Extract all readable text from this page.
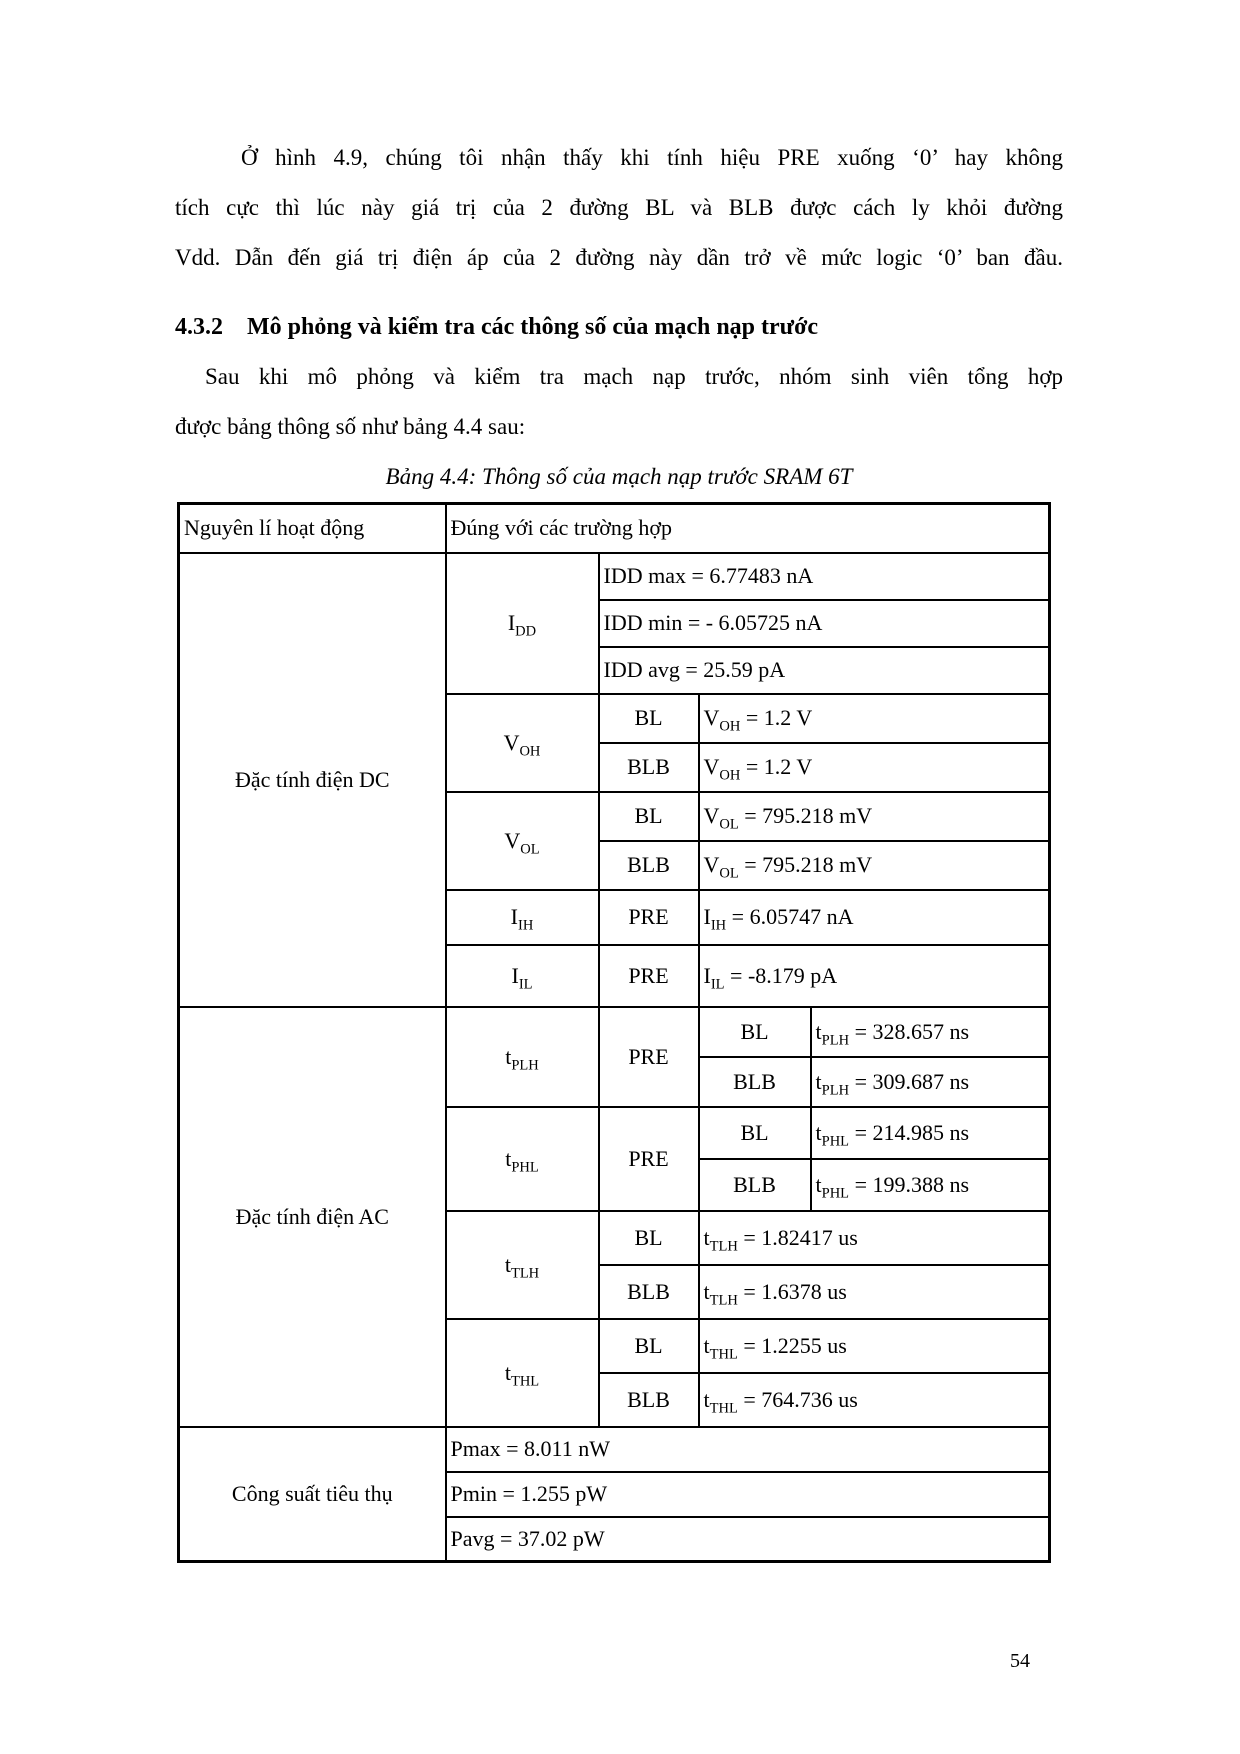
Ở hình 4.9, chúng tôi nhận thấy khi tính hiệu PRE xuống ‘0’ hay không
tích cực thì lúc này giá trị của 2 đường BL và BLB được cách ly khỏi đường
Vdd. Dẫn đến giá trị điện áp của 2 đường này dần trở về mức logic ‘0’ ban đầu.
4.3.2 Mô phỏng và kiểm tra các thông số của mạch nạp trước
Sau khi mô phỏng và kiểm tra mạch nạp trước, nhóm sinh viên tổng hợp
được bảng thông số như bảng 4.4 sau:
Bảng 4.4: Thông số của mạch nạp trước SRAM 6T
Nguyên lí hoạt động	Đúng với các trường hợp			
Đặc tính điện DC	$I_{DD}$	IDD max = 6.77483 nA		
		IDD min = - 6.05725 nA		
		IDD avg = 25.59 pA		
	$V_{OH}$	BL	$V_{OH} = 1.2$ V	
		BLB	$V_{OH} = 1.2$ V	
	$V_{OL}$	BL	$V_{OL} = 795.218$ mV	
		BLB	$V_{OL} = 795.218$ mV	
	$I_{IH}$	PRE	$I_{IH} = 6.05747$ nA	
	$I_{IL}$	PRE	$I_{IL} = -8.179$ pA	
Đặc tính điện AC	$t_{PLH}$	PRE	BL	$t_{PLH} = 328.657$ ns
			BLB	$t_{PLH} = 309.687$ ns
	$t_{PHL}$	PRE	BL	$t_{PHL} = 214.985$ ns
			BLB	$t_{PHL} = 199.388$ ns
	$t_{TLH}$	BL	$t_{TLH} = 1.82417$ us	
		BLB	$t_{TLH} = 1.6378$ us	
	$t_{THL}$	BL	$t_{THL} = 1.2255$ us	
		BLB	$t_{THL} = 764.736$ us	
Công suất tiêu thụ	Pmax = 8.011 nW			
	Pmin = 1.255 pW			
	Pavg = 37.02 pW			
54
